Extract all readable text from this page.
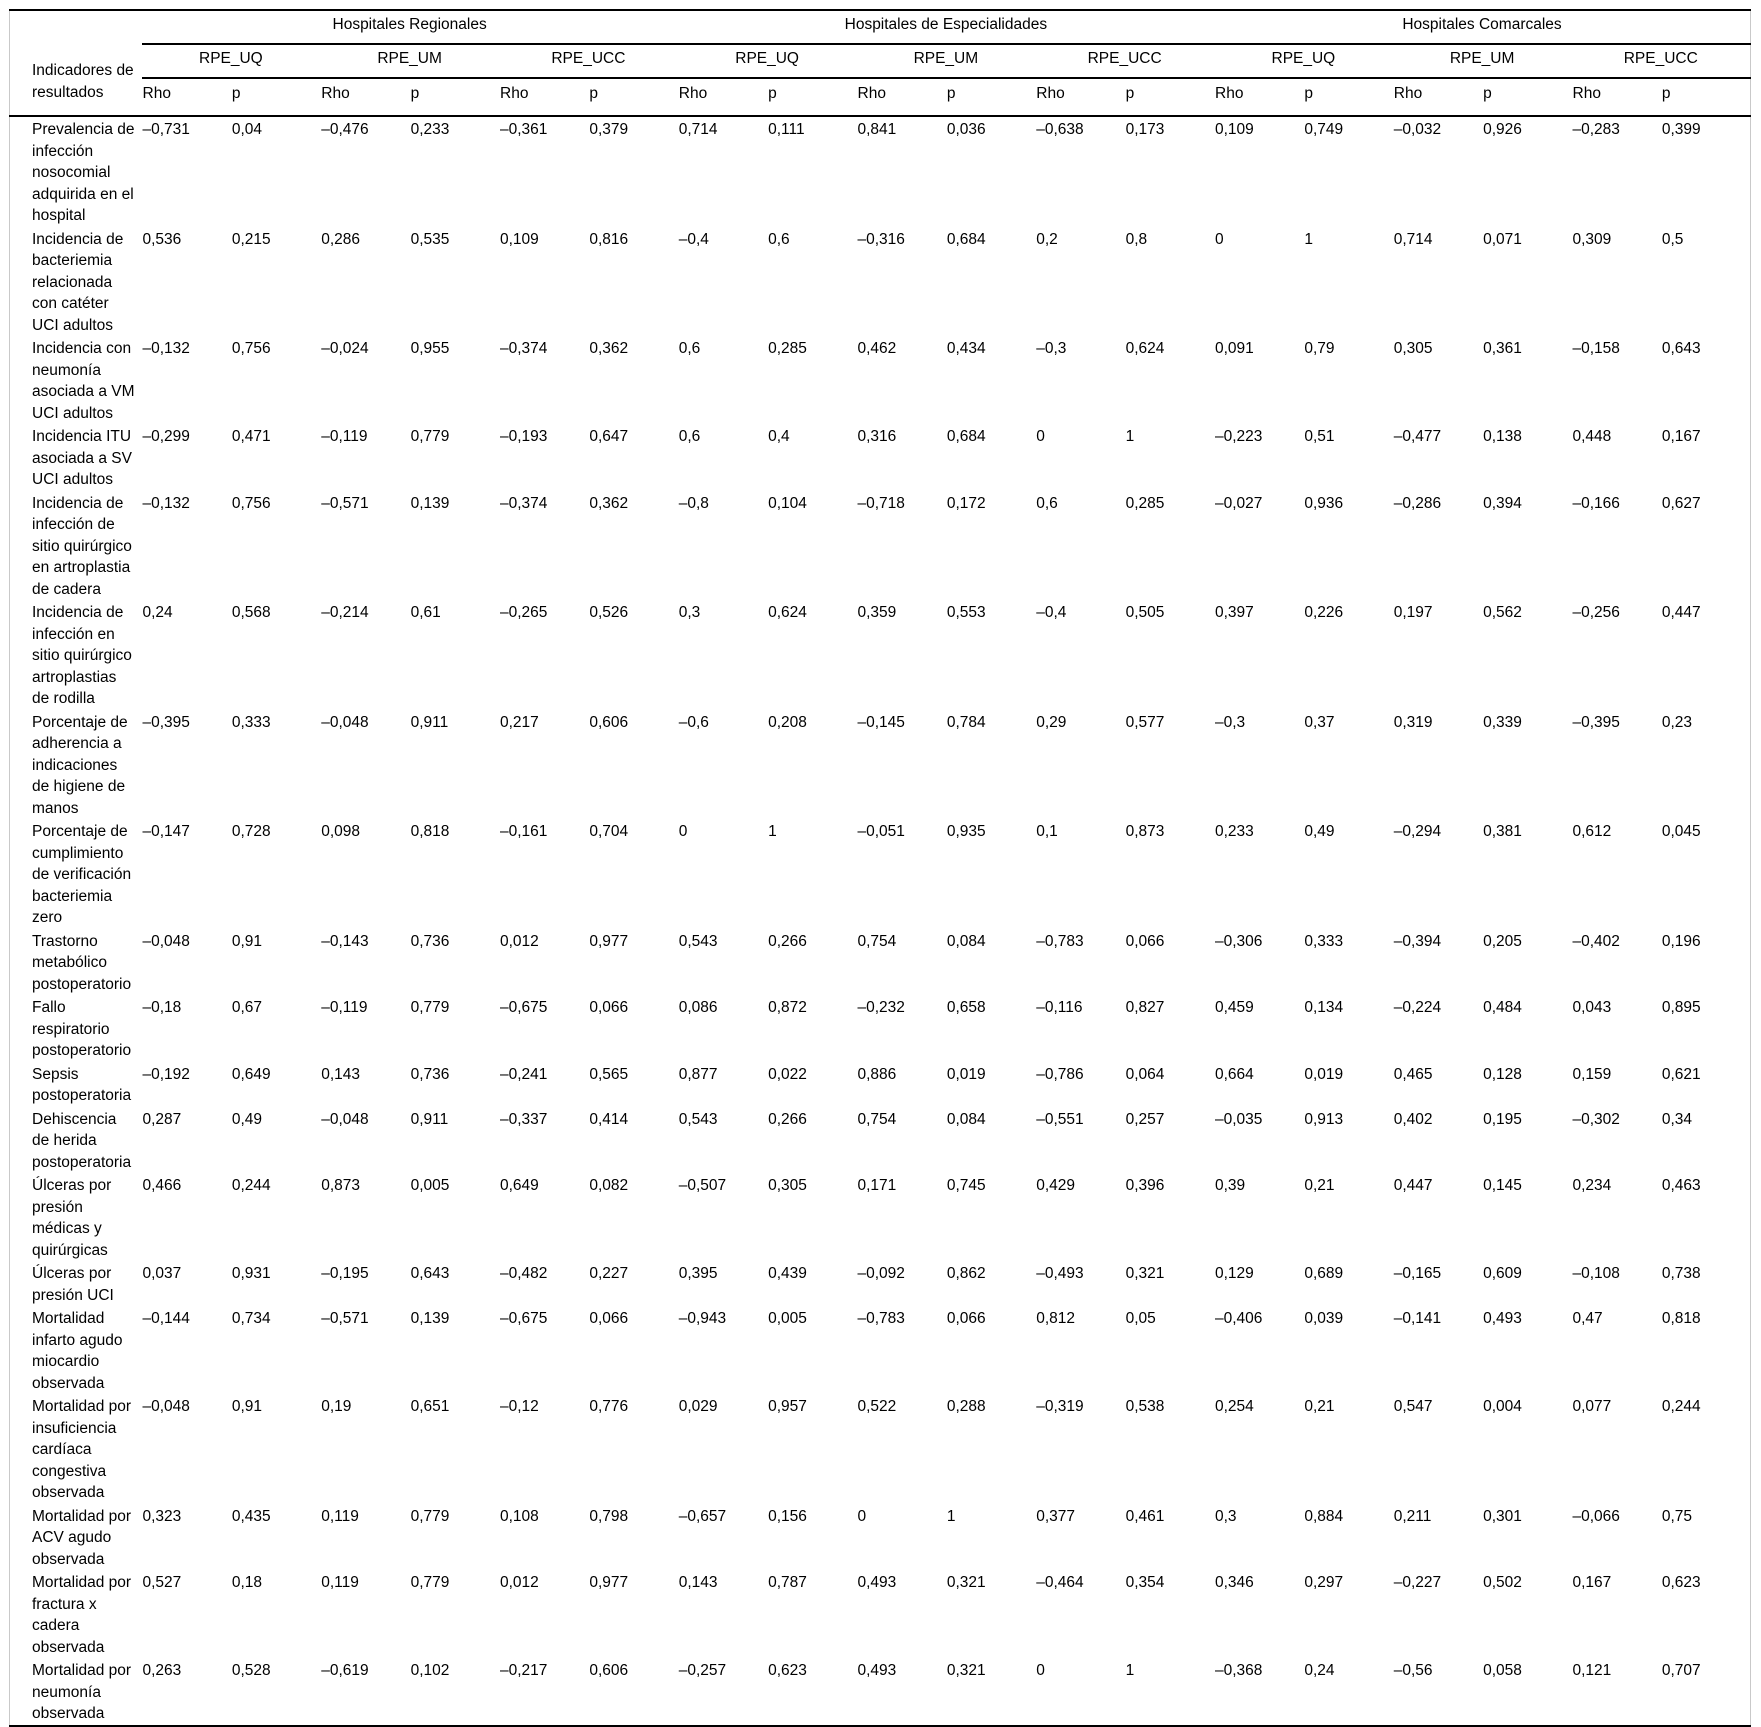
Indicadores de resultados	Hospitales Regionales						Hospitales de Especialidades						Hospitales Comarcales					
	RPE_UQ		RPE_UM		RPE_UCC		RPE_UQ		RPE_UM		RPE_UCC		RPE_UQ		RPE_UM		RPE_UCC	
	Rho	p	Rho	p	Rho	p	Rho	p	Rho	p	Rho	p	Rho	p	Rho	p	Rho	p
Prevalencia de infección nosocomial adquirida en el hospital	–0,731	0,04	–0,476	0,233	–0,361	0,379	0,714	0,111	0,841	0,036	–0,638	0,173	0,109	0,749	–0,032	0,926	–0,283	0,399
Incidencia de bacteriemia relacionada con catéter UCI adultos	0,536	0,215	0,286	0,535	0,109	0,816	–0,4	0,6	–0,316	0,684	0,2	0,8	0	1	0,714	0,071	0,309	0,5
Incidencia con neumonía asociada a VM UCI adultos	–0,132	0,756	–0,024	0,955	–0,374	0,362	0,6	0,285	0,462	0,434	–0,3	0,624	0,091	0,79	0,305	0,361	–0,158	0,643
Incidencia ITU asociada a SV UCI adultos	–0,299	0,471	–0,119	0,779	–0,193	0,647	0,6	0,4	0,316	0,684	0	1	–0,223	0,51	–0,477	0,138	0,448	0,167
Incidencia de infección de sitio quirúrgico en artroplastia de cadera	–0,132	0,756	–0,571	0,139	–0,374	0,362	–0,8	0,104	–0,718	0,172	0,6	0,285	–0,027	0,936	–0,286	0,394	–0,166	0,627
Incidencia de infección en sitio quirúrgico artroplastias de rodilla	0,24	0,568	–0,214	0,61	–0,265	0,526	0,3	0,624	0,359	0,553	–0,4	0,505	0,397	0,226	0,197	0,562	–0,256	0,447
Porcentaje de adherencia a indicaciones de higiene de manos	–0,395	0,333	–0,048	0,911	0,217	0,606	–0,6	0,208	–0,145	0,784	0,29	0,577	–0,3	0,37	0,319	0,339	–0,395	0,23
Porcentaje de cumplimiento de verificación bacteriemia zero	–0,147	0,728	0,098	0,818	–0,161	0,704	0	1	–0,051	0,935	0,1	0,873	0,233	0,49	–0,294	0,381	0,612	0,045
Trastorno metabólico postoperatorio	–0,048	0,91	–0,143	0,736	0,012	0,977	0,543	0,266	0,754	0,084	–0,783	0,066	–0,306	0,333	–0,394	0,205	–0,402	0,196
Fallo respiratorio postoperatorio	–0,18	0,67	–0,119	0,779	–0,675	0,066	0,086	0,872	–0,232	0,658	–0,116	0,827	0,459	0,134	–0,224	0,484	0,043	0,895
Sepsis postoperatoria	–0,192	0,649	0,143	0,736	–0,241	0,565	0,877	0,022	0,886	0,019	–0,786	0,064	0,664	0,019	0,465	0,128	0,159	0,621
Dehiscencia de herida postoperatoria	0,287	0,49	–0,048	0,911	–0,337	0,414	0,543	0,266	0,754	0,084	–0,551	0,257	–0,035	0,913	0,402	0,195	–0,302	0,34
Úlceras por presión médicas y quirúrgicas	0,466	0,244	0,873	0,005	0,649	0,082	–0,507	0,305	0,171	0,745	0,429	0,396	0,39	0,21	0,447	0,145	0,234	0,463
Úlceras por presión UCI	0,037	0,931	–0,195	0,643	–0,482	0,227	0,395	0,439	–0,092	0,862	–0,493	0,321	0,129	0,689	–0,165	0,609	–0,108	0,738
Mortalidad infarto agudo miocardio observada	–0,144	0,734	–0,571	0,139	–0,675	0,066	–0,943	0,005	–0,783	0,066	0,812	0,05	–0,406	0,039	–0,141	0,493	0,47	0,818
Mortalidad por insuficiencia cardíaca congestiva observada	–0,048	0,91	0,19	0,651	–0,12	0,776	0,029	0,957	0,522	0,288	–0,319	0,538	0,254	0,21	0,547	0,004	0,077	0,244
Mortalidad por ACV agudo observada	0,323	0,435	0,119	0,779	0,108	0,798	–0,657	0,156	0	1	0,377	0,461	0,3	0,884	0,211	0,301	–0,066	0,75
Mortalidad por fractura x cadera observada	0,527	0,18	0,119	0,779	0,012	0,977	0,143	0,787	0,493	0,321	–0,464	0,354	0,346	0,297	–0,227	0,502	0,167	0,623
Mortalidad por neumonía observada	0,263	0,528	–0,619	0,102	–0,217	0,606	–0,257	0,623	0,493	0,321	0	1	–0,368	0,24	–0,56	0,058	0,121	0,707
